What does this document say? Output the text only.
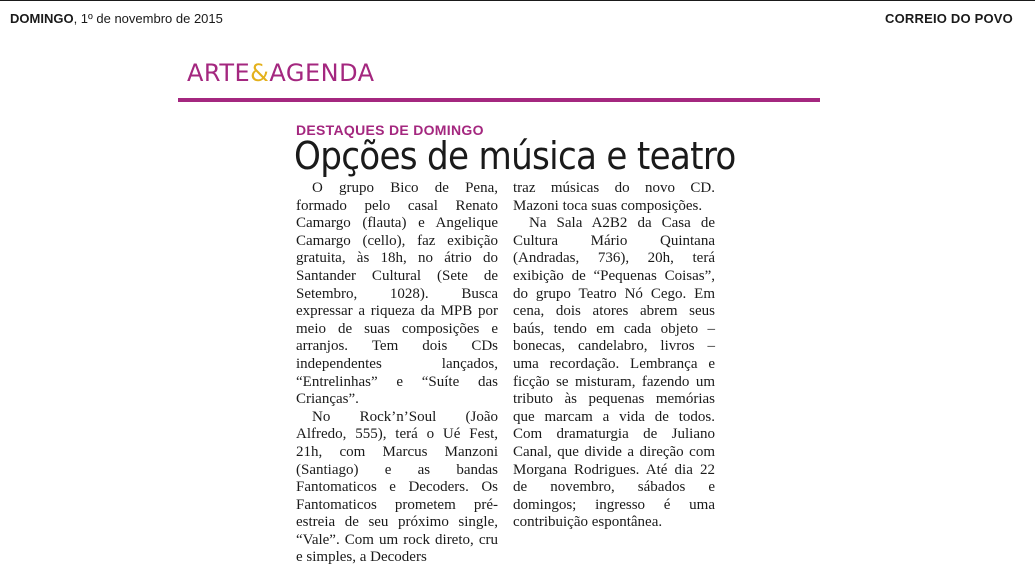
DOMINGO, 1º de novembro de 2015	CORREIO DO POVO
ARTE&AGENDA
DESTAQUES DE DOMINGO
Opções de música e teatro

O grupo Bico de Pena, formado pelo casal Renato Camargo (flauta) e Angelique Camargo (cello), faz exibição gratuita, às 18h, no átrio do Santander Cultural (Sete de Setembro, 1028). Busca expressar a riqueza da MPB por meio de suas composições e arranjos. Tem dois CDs independentes lançados, “Entrelinhas” e “Suíte das Crianças”.

No Rock’n’Soul (João Alfredo, 555), terá o Ué Fest, 21h, com Marcus Manzoni (Santiago) e as bandas Fantomaticos e Decoders. Os Fantomaticos prometem pré-estreia de seu próximo single, “Vale”. Com um rock direto, cru e simples, a Decoders

traz músicas do novo CD. Mazoni toca suas composições.

Na Sala A2B2 da Casa de Cultura Mário Quintana (Andradas, 736), 20h, terá exibição de “Pequenas Coisas”, do grupo Teatro Nó Cego. Em cena, dois atores abrem seus baús, tendo em cada objeto – bonecas, candelabro, livros – uma recordação. Lembrança e ficção se misturam, fazendo um tributo às pequenas memórias que marcam a vida de todos. Com dramaturgia de Juliano Canal, que divide a direção com Morgana Rodrigues. Até dia 22 de novembro, sábados e domingos; ingresso é uma contribuição espontânea.
